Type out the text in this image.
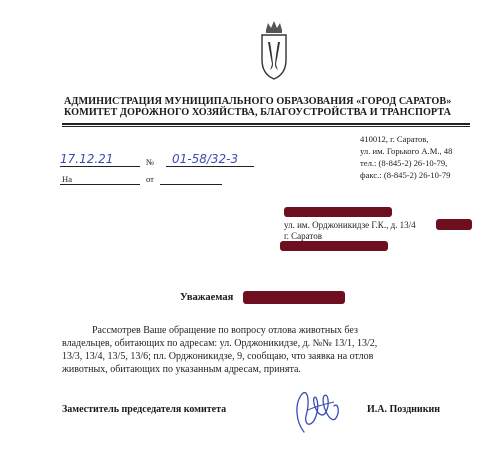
АДМИНИСТРАЦИЯ МУНИЦИПАЛЬНОГО ОБРАЗОВАНИЯ «ГОРОД САРАТОВ»
КОМИТЕТ ДОРОЖНОГО ХОЗЯЙСТВА, БЛАГОУСТРОЙСТВА И ТРАНСПОРТА
410012, г. Саратов,
ул. им. Горького А.М., 48
тел.: (8-845-2) 26-10-79,
факс.: (8-845-2) 26-10-79
17.12.21	№ 01-58/32-3
На	от
ул. им. Орджоникидзе Г.К., д. 13/4
г. Саратов
Уважаемая
Рассмотрев Ваше обращение по вопросу отлова животных без
владельцев, обитающих по адресам: ул. Орджоникидзе, д. №№ 13/1, 13/2,
13/3, 13/4, 13/5, 13/6; пл. Орджоникидзе, 9, сообщаю, что заявка на отлов
животных, обитающих по указанным адресам, принята.
Заместитель председателя комитета	И.А. Поздникин
